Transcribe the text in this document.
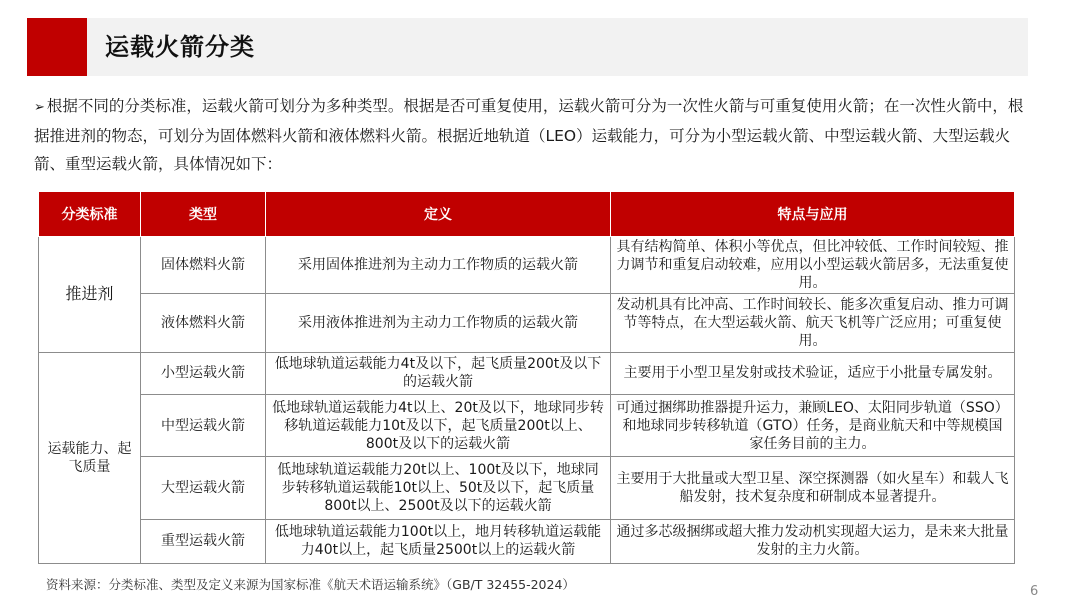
运载火箭分类
➢ 根据不同的分类标准，运载火箭可划分为多种类型。根据是否可重复使用，运载火箭可分为一次性火箭与可重复使用火箭；在一次性火箭中，根据推进剂的物态，可划分为固体燃料火箭和液体燃料火箭。根据近地轨道（LEO）运载能力，可分为小型运载火箭、中型运载火箭、大型运载火箭、重型运载火箭，具体情况如下：
分类标准	类型	定义	特点与应用
推进剂	固体燃料火箭	采用固体推进剂为主动力工作物质的运载火箭	具有结构简单、体积小等优点，但比冲较低、工作时间较短、推力调节和重复启动较难，应用以小型运载火箭居多，无法重复使用。
	液体燃料火箭	采用液体推进剂为主动力工作物质的运载火箭	发动机具有比冲高、工作时间较长、能多次重复启动、推力可调节等特点，在大型运载火箭、航天飞机等广泛应用；可重复使用。
运载能力、起飞质量	小型运载火箭	低地球轨道运载能力4t及以下，起飞质量200t及以下的运载火箭	主要用于小型卫星发射或技术验证，适应于小批量专属发射。
	中型运载火箭	低地球轨道运载能力4t以上、20t及以下，地球同步转移轨道运载能力10t及以下，起飞质量200t以上、800t及以下的运载火箭	可通过捆绑助推器提升运力，兼顾LEO、太阳同步轨道（SSO）和地球同步转移轨道（GTO）任务，是商业航天和中等规模国家任务目前的主力。
	大型运载火箭	低地球轨道运载能力20t以上、100t及以下，地球同步转移轨道运载能10t以上、50t及以下，起飞质量800t以上、2500t及以下的运载火箭	主要用于大批量或大型卫星、深空探测器（如火星车）和载人飞船发射，技术复杂度和研制成本显著提升。
	重型运载火箭	低地球轨道运载能力100t以上，地月转移轨道运载能力40t以上，起飞质量2500t以上的运载火箭	通过多芯级捆绑或超大推力发动机实现超大运力，是未来大批量发射的主力火箭。
资料来源：分类标准、类型及定义来源为国家标准《航天术语运输系统》（GB/T 32455-2024）	6
